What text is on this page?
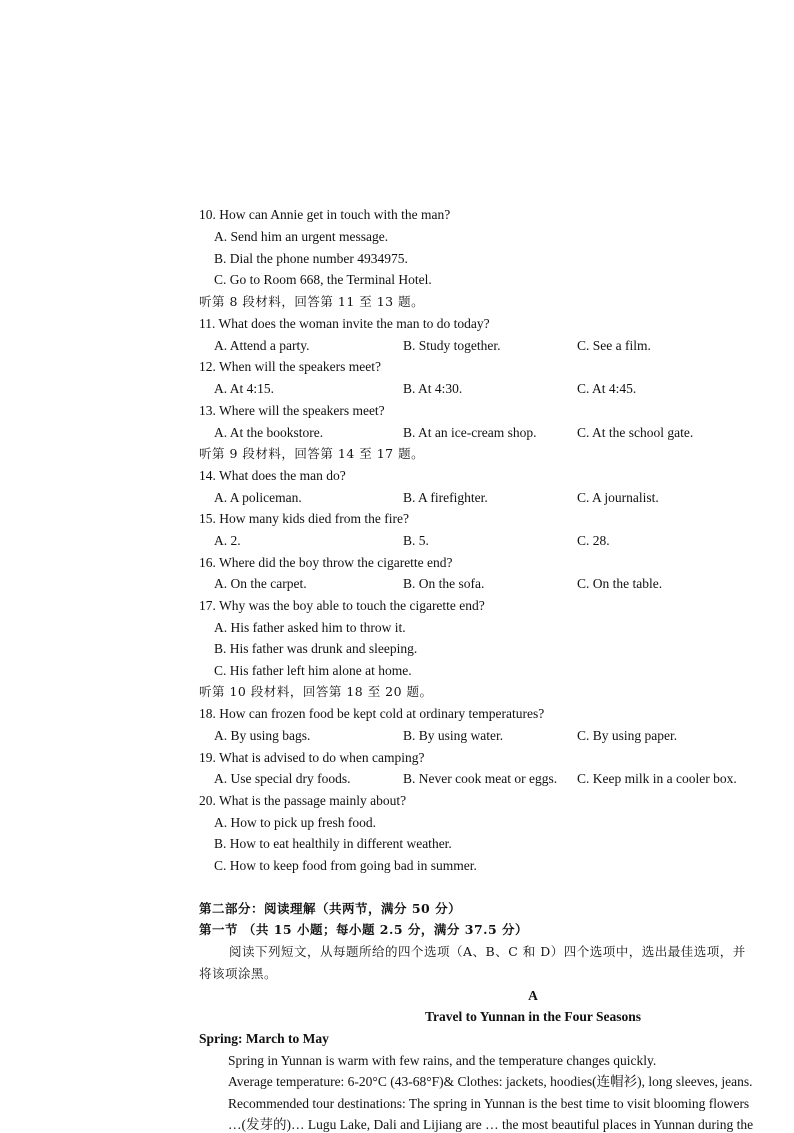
10. How can Annie get in touch with the man?
A. Send him an urgent message.
B. Dial the phone number 4934975.
C. Go to Room 668, the Terminal Hotel.
听第 8 段材料，回答第 11 至 13 题。
11. What does the woman invite the man to do today?
A. Attend a party.	B. Study together.	C. See a film.
12. When will the speakers meet?
A. At 4:15.	B. At 4:30.	C. At 4:45.
13. Where will the speakers meet?
A. At the bookstore.	B. At an ice-cream shop.	C. At the school gate.
听第 9 段材料，回答第 14 至 17 题。
14. What does the man do?
A. A policeman.	B. A firefighter.	C. A journalist.
15. How many kids died from the fire?
A. 2.	B. 5.	C. 28.
16. Where did the boy throw the cigarette end?
A. On the carpet.	B. On the sofa.	C. On the table.
17. Why was the boy able to touch the cigarette end?
A. His father asked him to throw it.
B. His father was drunk and sleeping.
C. His father left him alone at home.
听第 10 段材料，回答第 18 至 20 题。
18. How can frozen food be kept cold at ordinary temperatures?
A. By using bags.	B. By using water.	C. By using paper.
19. What is advised to do when camping?
A. Use special dry foods.	B. Never cook meat or eggs. C. Keep milk in a cooler box.
20. What is the passage mainly about?
A. How to pick up fresh food.
B. How to eat healthily in different weather.
C. How to keep food from going bad in summer.
第二部分：阅读理解（共两节，满分 50 分）
第一节 （共 15 小题；每小题 2.5 分，满分 37.5 分）
阅读下列短文，从每题所给的四个选项（A、B、C 和 D）四个选项中，选出最佳选项，并
将该项涂黑。
A
Travel to Yunnan in the Four Seasons
Spring: March to May
Spring in Yunnan is warm with few rains, and the temperature changes quickly.
Average temperature: 6-20°C (43-68°F)& Clothes: jackets, hoodies(连帽衫), long sleeves, jeans.
Recommended tour destinations: The spring in Yunnan is the best time to visit blooming flowers
…(发芽的)… Lugu Lake, Dali and Lijiang are … the most beautiful places in Yunnan during the
